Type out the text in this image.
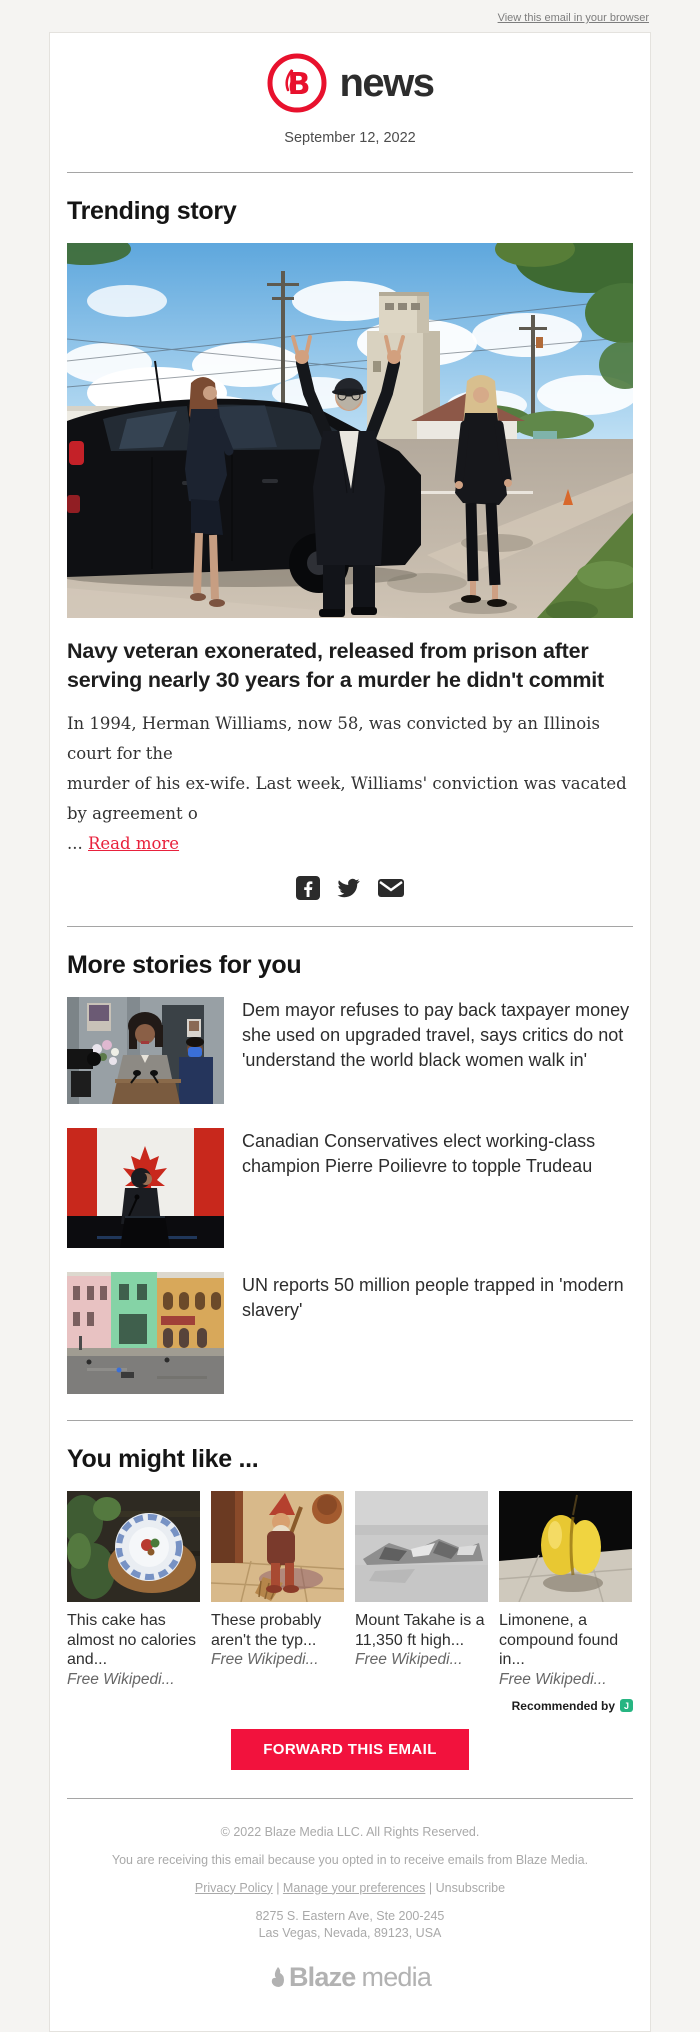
View this email in your browser
B news
September 12, 2022
Trending story
Navy veteran exonerated, released from prison after serving nearly 30 years for a murder he didn't commit
In 1994, Herman Williams, now 58, was convicted by an Illinois court for the
murder of his ex-wife. Last week, Williams' conviction was vacated by agreement o
... Read more
More stories for you
Dem mayor refuses to pay back taxpayer money she used on upgraded travel, says critics do not 'understand the world black women walk in'
Canadian Conservatives elect working-class champion Pierre Poilievre to topple Trudeau
UN reports 50 million people trapped in 'modern slavery'
You might like ...
This cake has almost no calories and...
Free Wikipedi...
These probably aren't the typ...
Free Wikipedi...
Mount Takahe is a 11,350 ft high...
Free Wikipedi...
Limonene, a compound found in...
Free Wikipedi...
Recommended by J
FORWARD THIS EMAIL
© 2022 Blaze Media LLC. All Rights Reserved.
You are receiving this email because you opted in to receive emails from Blaze Media.
Privacy Policy | Manage your preferences | Unsubscribe
8275 S. Eastern Ave, Ste 200-245
Las Vegas, Nevada, 89123, USA
Blaze media
